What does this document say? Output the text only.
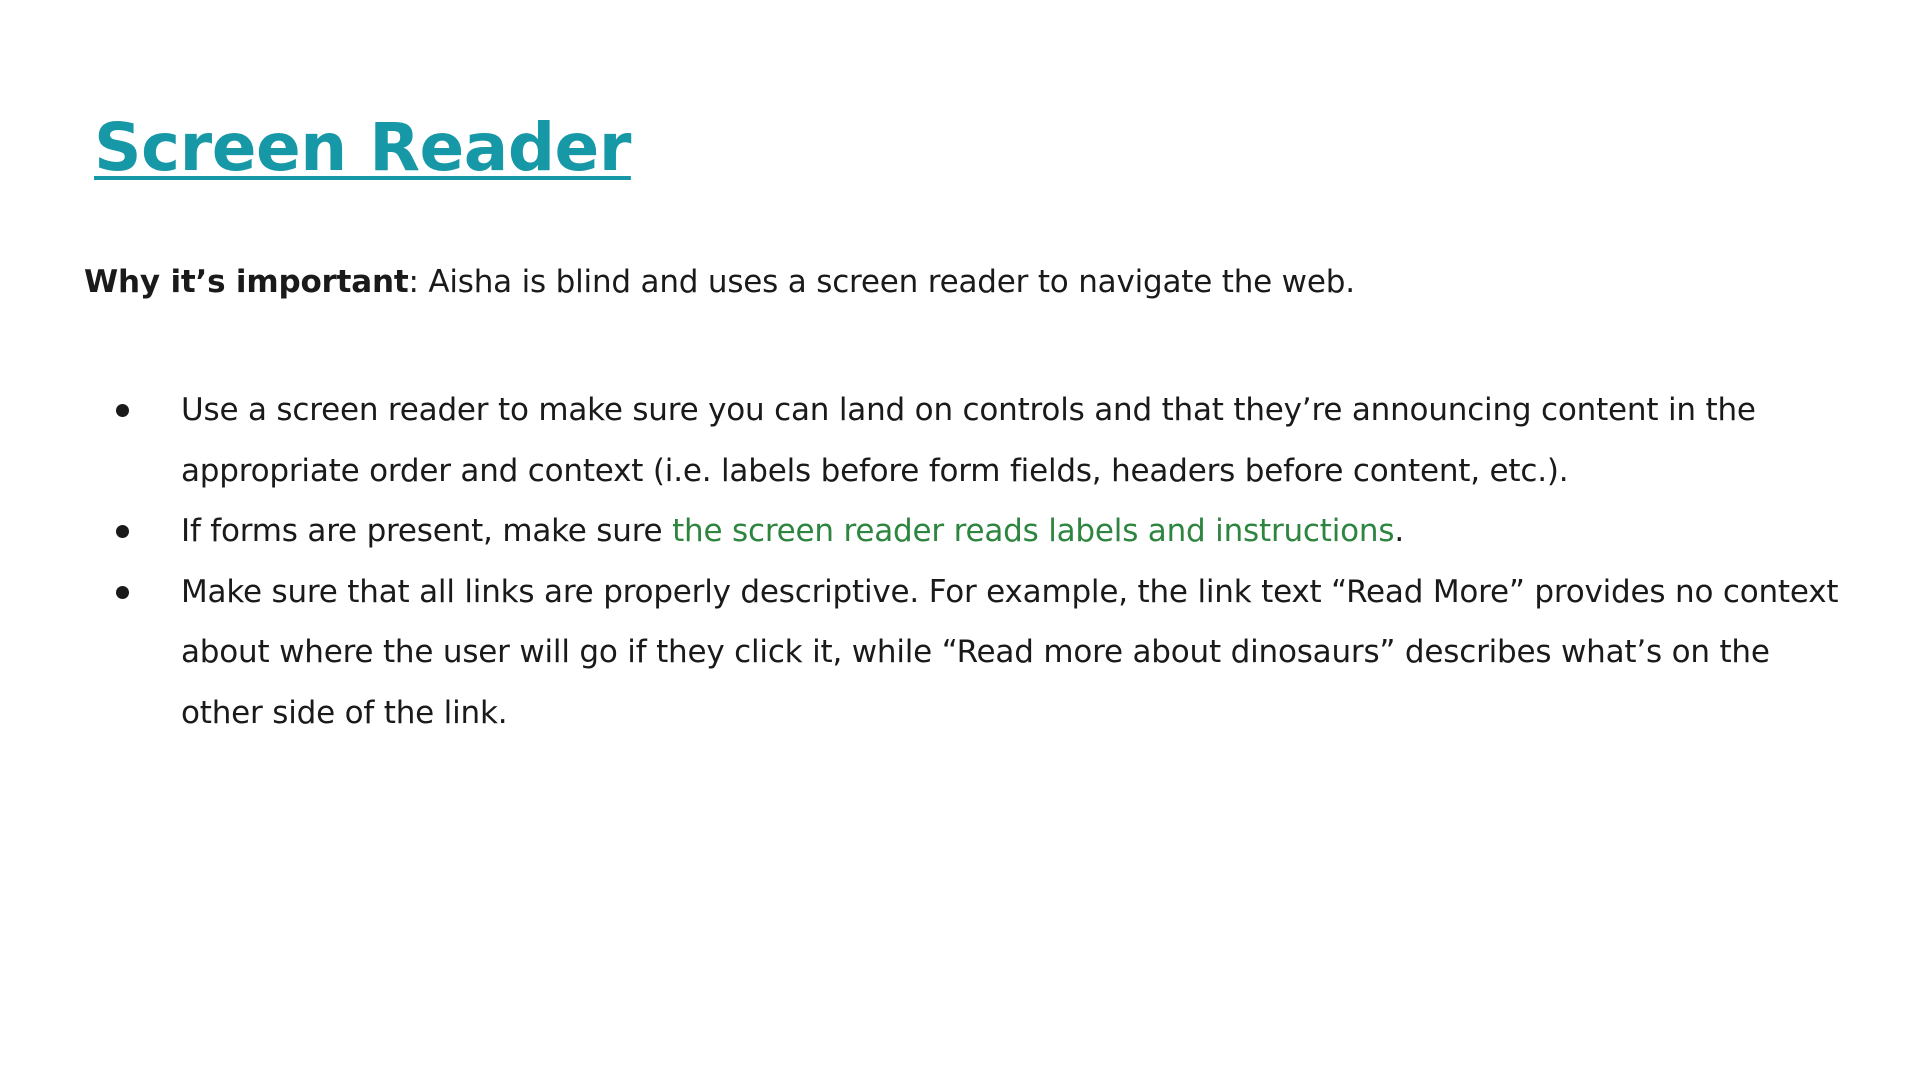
Screen Reader

Why it’s important: Aisha is blind and uses a screen reader to navigate the web.

Use a screen reader to make sure you can land on controls and that they’re announcing content in the appropriate order and context (i.e. labels before form fields, headers before content, etc.).
If forms are present, make sure the screen reader reads labels and instructions.
Make sure that all links are properly descriptive. For example, the link text “Read More” provides no context about where the user will go if they click it, while “Read more about dinosaurs” describes what’s on the other side of the link.
